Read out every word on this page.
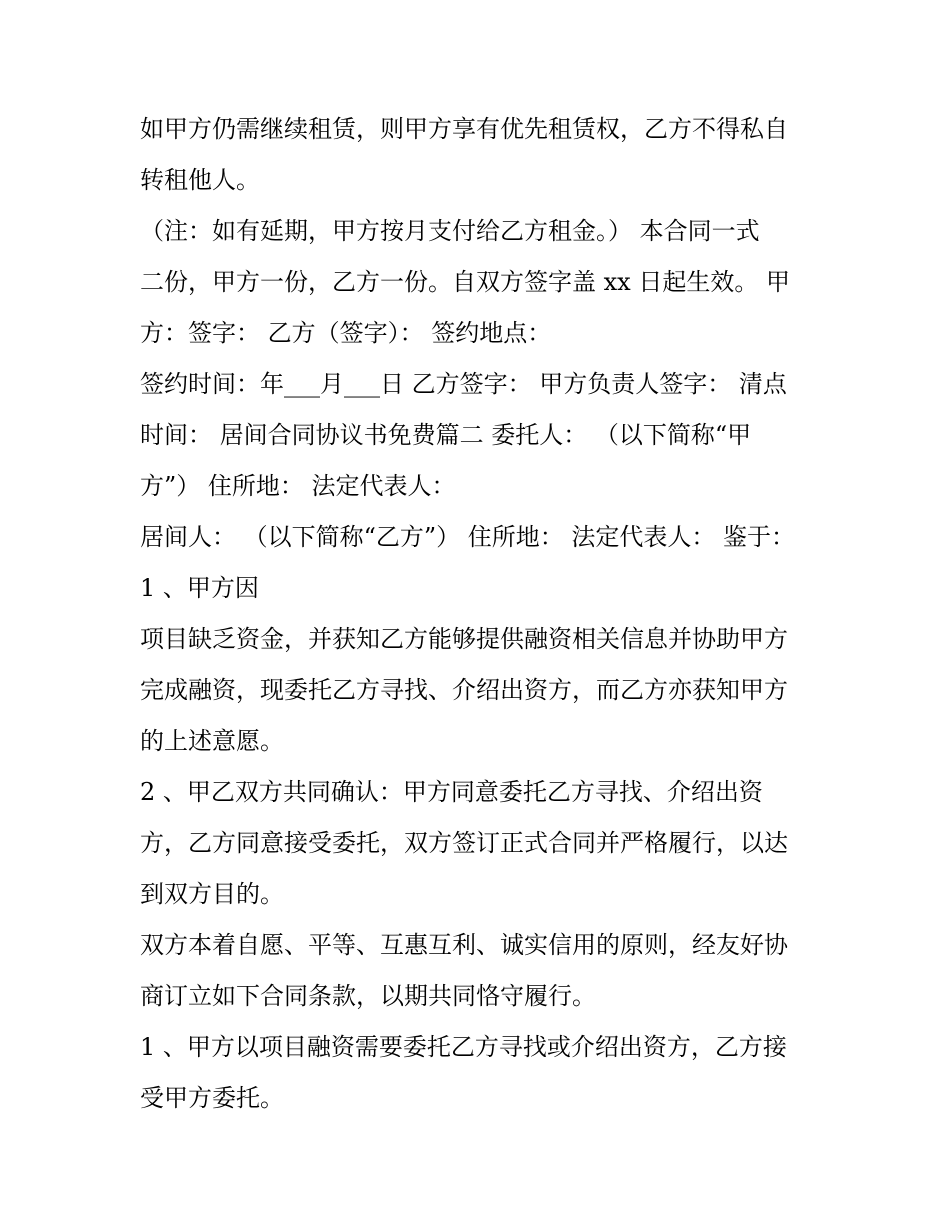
如甲方仍需继续租赁，则甲方享有优先租赁权，乙方不得私自
转租他人。
（注：如有延期，甲方按月支付给乙方租金。） 本合同一式
二份，甲方一份，乙方一份。自双方签字盖 xx 日起生效。 甲
方：签字： 乙方（签字）： 签约地点：
签约时间：年___月___日 乙方签字： 甲方负责人签字： 清点
时间： 居间合同协议书免费篇二 委托人： （以下简称“甲
方”） 住所地： 法定代表人：
居间人： （以下简称“乙方”） 住所地： 法定代表人： 鉴于：
1 、甲方因
项目缺乏资金，并获知乙方能够提供融资相关信息并协助甲方
完成融资，现委托乙方寻找、介绍出资方，而乙方亦获知甲方
的上述意愿。
2 、甲乙双方共同确认：甲方同意委托乙方寻找、介绍出资
方，乙方同意接受委托，双方签订正式合同并严格履行，以达
到双方目的。
双方本着自愿、平等、互惠互利、诚实信用的原则，经友好协
商订立如下合同条款，以期共同恪守履行。
1 、甲方以项目融资需要委托乙方寻找或介绍出资方，乙方接
受甲方委托。
